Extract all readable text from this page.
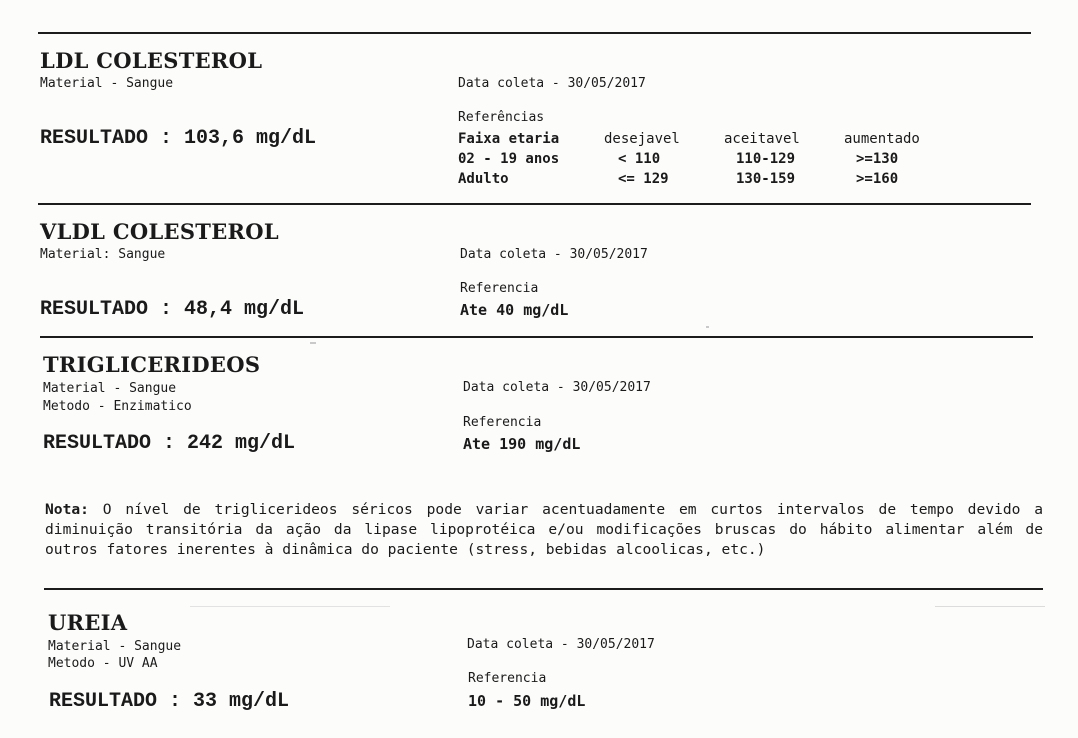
LDL COLESTEROL
Material - Sangue	Data coleta - 30/05/2017
Referências
RESULTADO : 103,6 mg/dL	Faixa etaria	desejavel	aceitavel	aumentado
02 - 19 anos	< 110	110-129	>=130
Adulto	<= 129	130-159	>=160
VLDL COLESTEROL
Material: Sangue	Data coleta - 30/05/2017
Referencia
RESULTADO : 48,4 mg/dL	Ate 40 mg/dL
TRIGLICERIDEOS
Material - Sangue
Metodo - Enzimatico
Data coleta - 30/05/2017
Referencia
RESULTADO : 242 mg/dL	Ate 190 mg/dL
Nota: O nível de triglicerideos séricos pode variar acentuadamente em curtos intervalos de tempo devido a diminuição transitória da ação da lipase lipoprotéica e/ou modificações bruscas do hábito alimentar além de outros fatores inerentes à dinâmica do paciente (stress, bebidas alcoolicas, etc.)
UREIA
Material - Sangue
Metodo - UV AA
Data coleta - 30/05/2017
Referencia
RESULTADO : 33 mg/dL	10 - 50 mg/dL
